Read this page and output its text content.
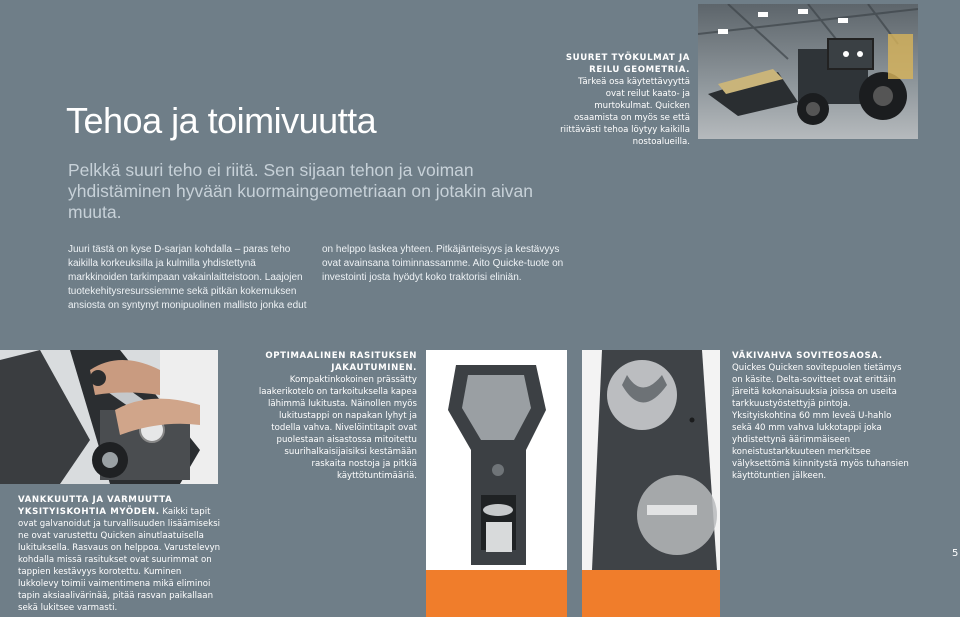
Tehoa ja toimivuutta
Pelkkä suuri teho ei riitä. Sen sijaan tehon ja voiman yhdistäminen hyvään kuormaingeometriaan on jotakin aivan muuta.
Juuri tästä on kyse D-sarjan kohdalla – paras teho kaikilla korkeuksilla ja kulmilla yhdistettynä markkinoiden tarkimpaan vakainlaitteistoon. Laajojen tuotekehitysresurssiemme sekä pitkän kokemuksen ansiosta on syntynyt monipuolinen mallisto jonka edut
on helppo laskea yhteen. Pitkäjänteisyys ja kestävyys ovat avainsana toiminnassamme. Aito Quicke-tuote on investointi josta hyödyt koko traktorisi eliniän.
SUURET TYÖKULMAT JA REILU GEOMETRIA. Tärkeä osa käytettävyyttä ovat reilut kaato- ja murtokulmat. Quicken osaamista on myös se että riittävästi tehoa löytyy kaikilla nostoalueilla.
VANKKUUTTA JA VARMUUTTA YKSITYISKOHTIA MYÖDEN. Kaikki tapit ovat galvanoidut ja turvallisuuden lisäämiseksi ne ovat varustettu Quicken ainutlaatuisella lukituksella. Rasvaus on helppoa. Varustelevyn kohdalla missä rasitukset ovat suurimmat on tappien kestävyys korotettu. Kuminen lukkolevy toimii vaimentimena mikä eliminoi tapin aksiaalivärinää, pitää rasvan paikallaan sekä lukitsee varmasti.
OPTIMAALINEN RASITUKSEN JAKAUTUMINEN. Kompaktinkokoinen prässätty laakerikotelo on tarkoituksella kapea lähimmä lukitusta. Näinollen myös lukitustappi on napakan lyhyt ja todella vahva. Nivelöintitapit ovat puolestaan aisastossa mitoitettu suurihalkaisijaisiksi kestämään raskaita nostoja ja pitkiä käyttötuntimääriä.
VÄKIVAHVA SOVITEOSAOSA. Quickes Quicken sovitepuolen tietämys on käsite. Delta-sovitteet ovat erittäin järeitä kokonaisuuksia joissa on useita tarkkuustyöstettyjä pintoja. Yksityiskohtina 60 mm leveä U-hahlo sekä 40 mm vahva lukkotappi joka yhdistettynä äärimmäiseen koneistustarkkuuteen merkitsee välyksettömä kiinnitystä myös tuhansien käyttötuntien jälkeen.
5
